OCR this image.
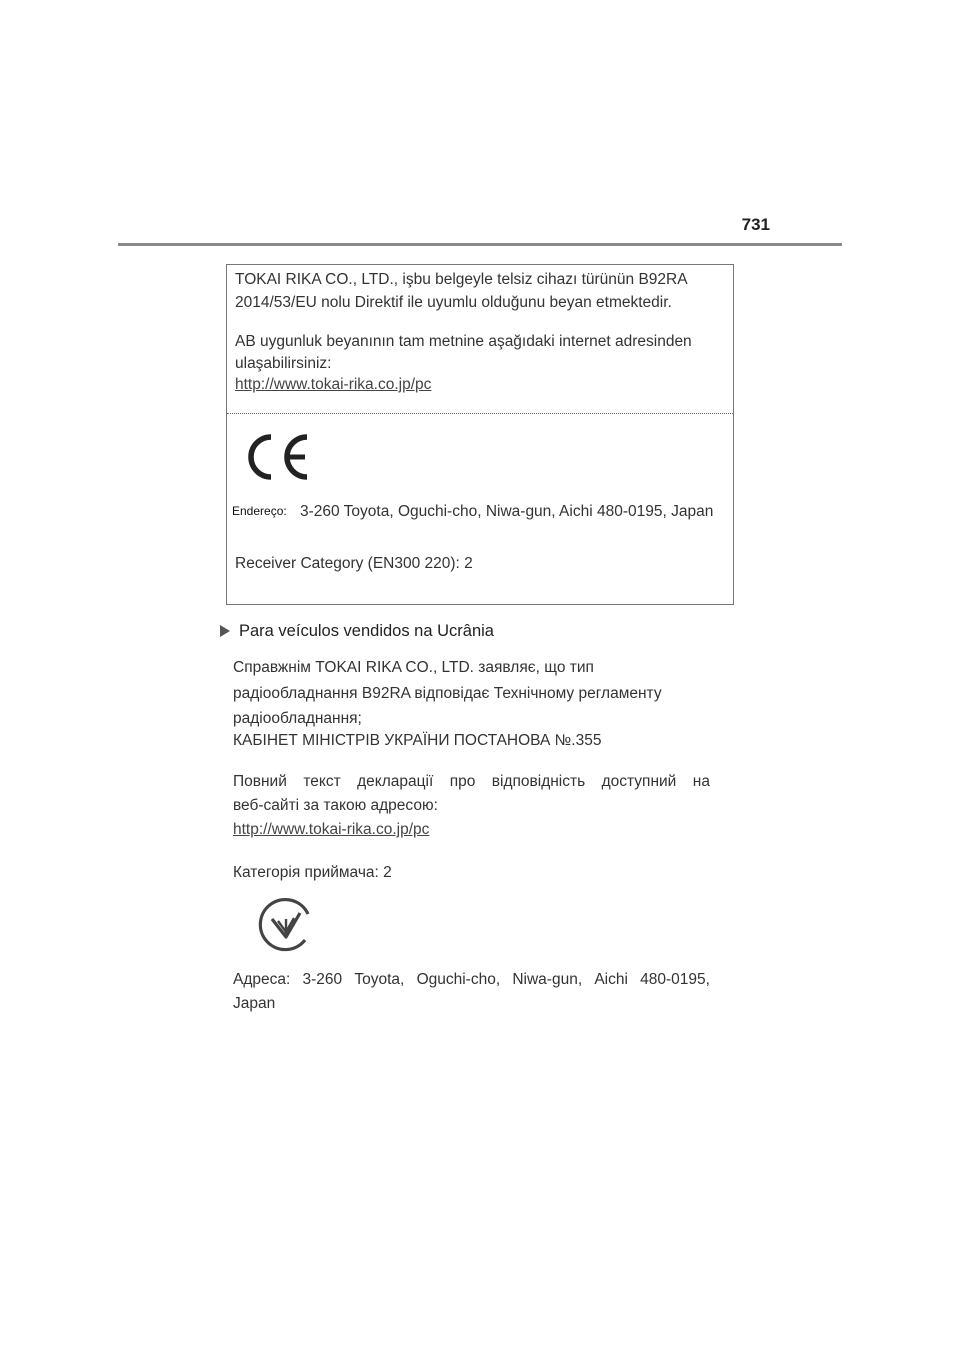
731
TOKAI RIKA CO., LTD., işbu belgeyle telsiz cihazı türünün B92RA
2014/53/EU nolu Direktif ile uyumlu olduğunu beyan etmektedir.
AB uygunluk beyanının tam metnine aşağıdaki internet adresinden
ulaşabilirsiniz:
http://www.tokai-rika.co.jp/pc
Endereço: 3-260 Toyota, Oguchi-cho, Niwa-gun, Aichi 480-0195, Japan
Receiver Category (EN300 220): 2
Para veículos vendidos na Ucrânia
Справжнім TOKAI RIKA CO., LTD. заявляє, що тип
радіообладнання B92RA відповідає Технічному регламенту
радіообладнання;
КАБІНЕТ МІНІСТРІВ УКРАЇНИ ПОСТАНОВА №.355
Повний текст декларації про відповідність доступний на
веб-сайті за такою адресою:
http://www.tokai-rika.co.jp/pc
Категорія приймача: 2
Адреса: 3-260 Toyota, Oguchi-cho, Niwa-gun, Aichi 480-0195,
Japan
